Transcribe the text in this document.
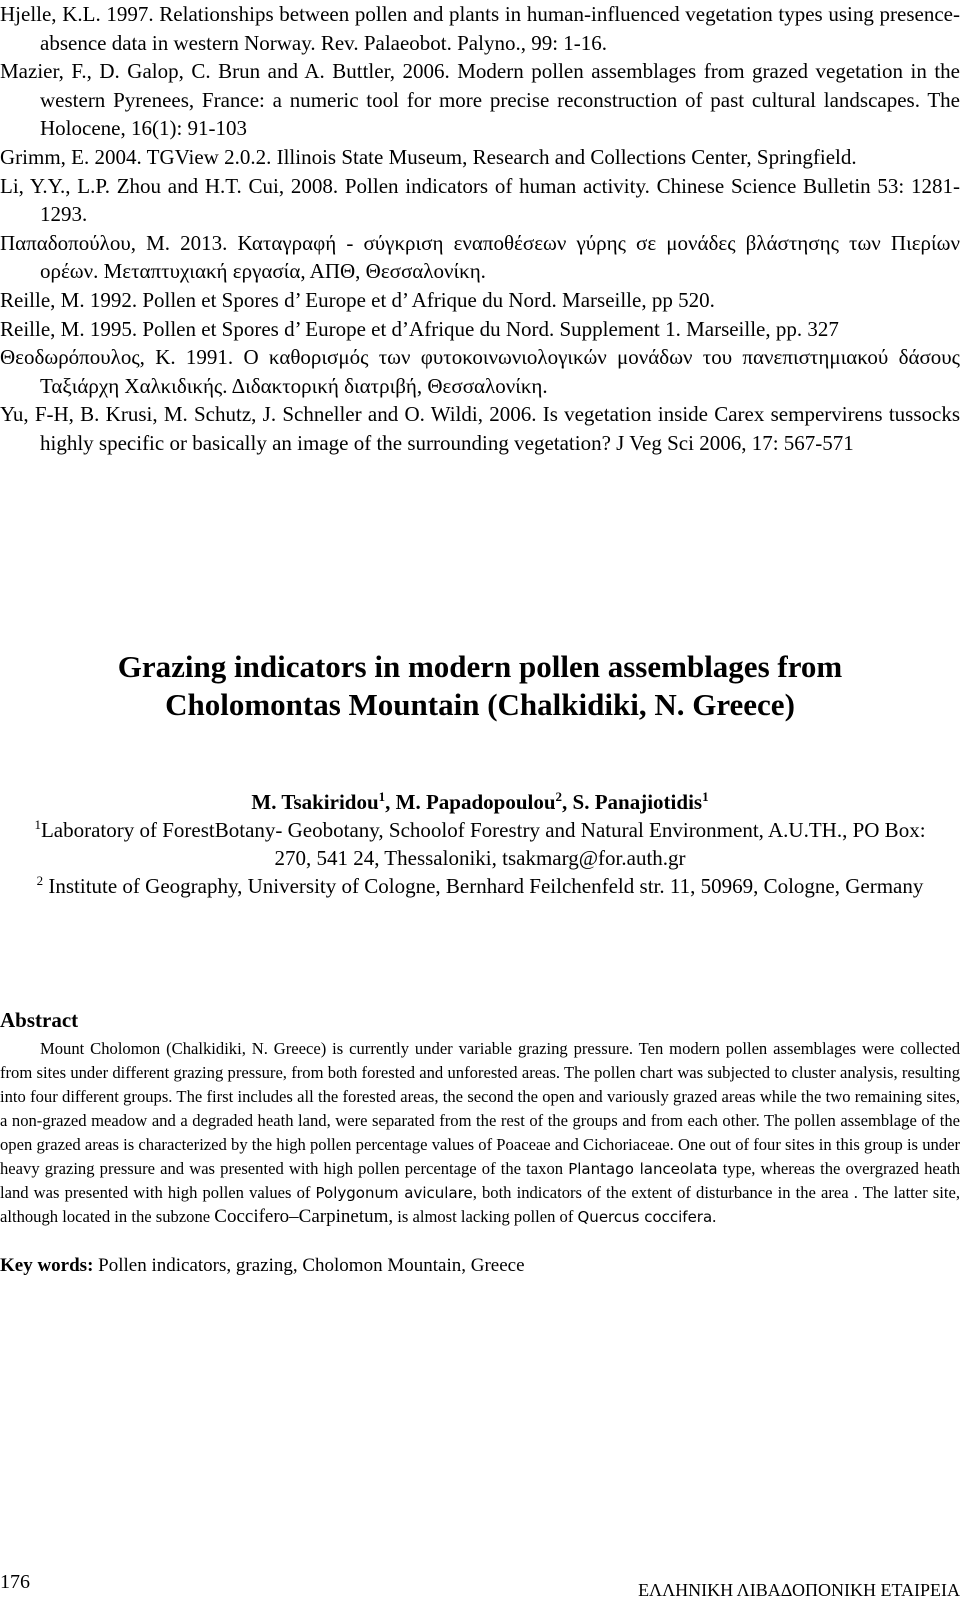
Hjelle, K.L. 1997. Relationships between pollen and plants in human-influenced vegetation types using presence-absence data in western Norway. Rev. Palaeobot. Palyno., 99: 1-16.

Mazier, F., D. Galop, C. Brun and A. Buttler, 2006. Modern pollen assemblages from grazed vegetation in the western Pyrenees, France: a numeric tool for more precise reconstruction of past cultural landscapes. The Holocene, 16(1): 91-103

Grimm, E. 2004. TGView 2.0.2. Illinois State Museum, Research and Collections Center, Springfield.

Li, Y.Y., L.P. Zhou and H.T. Cui, 2008. Pollen indicators of human activity. Chinese Science Bulletin 53: 1281-1293.

Παπαδοπούλου, Μ. 2013. Καταγραφή - σύγκριση εναποθέσεων γύρης σε μονάδες βλάστησης των Πιερίων ορέων. Μεταπτυχιακή εργασία, ΑΠΘ, Θεσσαλονίκη.

Reille, M. 1992. Pollen et Spores d’ Europe et d’ Afrique du Nord. Marseille, pp 520.

Reille, M. 1995. Pollen et Spores d’ Europe et d’Afrique du Nord. Supplement 1. Marseille, pp. 327

Θεοδωρόπουλος, Κ. 1991. Ο καθορισμός των φυτοκοινωνιολογικών μονάδων του πανεπιστημιακού δάσους Ταξιάρχη Χαλκιδικής. Διδακτορική διατριβή, Θεσσαλονίκη.

Yu, F-H, B. Krusi, M. Schutz, J. Schneller and O. Wildi, 2006. Is vegetation inside Carex sempervirens tussocks highly specific or basically an image of the surrounding vegetation? J Veg Sci 2006, 17: 567-571

Grazing indicators in modern pollen assemblages from
Cholomontas Mountain (Chalkidiki, N. Greece)
M. Tsakiridou$^1$, M. Papadopoulou$^2$, S. Panajiotidis$^1$

$^1$Laboratory of ForestBotany- Geobotany, Schoolof Forestry and Natural Environment, A.U.TH., PO Box: 270, 541 24, Thessaloniki, tsakmarg@for.auth.gr

$^2$ Institute of Geography, University of Cologne, Bernhard Feilchenfeld str. 11, 50969, Cologne, Germany

Abstract

Mount Cholomon (Chalkidiki, N. Greece) is currently under variable grazing pressure. Ten modern pollen assemblages were collected from sites under different grazing pressure, from both forested and unforested areas. The pollen chart was subjected to cluster analysis, resulting into four different groups. The first includes all the forested areas, the second the open and variously grazed areas while the two remaining sites, a non-grazed meadow and a degraded heath land, were separated from the rest of the groups and from each other. The pollen assemblage of the open grazed areas is characterized by the high pollen percentage values of Poaceae and Cichoriaceae. One out of four sites in this group is under heavy grazing pressure and was presented with high pollen percentage of the taxon Plantago lanceolata type, whereas the overgrazed heath land was presented with high pollen values of Polygonum aviculare, both indicators of the extent of disturbance in the area . The latter site, although located in the subzone Coccifero–Carpinetum, is almost lacking pollen of Quercus coccifera.

Key words: Pollen indicators, grazing, Cholomon Mountain, Greece
176	ΕΛΛΗΝΙΚΗ ΛΙΒΑΔΟΠΟΝΙΚΗ ΕΤΑΙΡΕΙΑ
